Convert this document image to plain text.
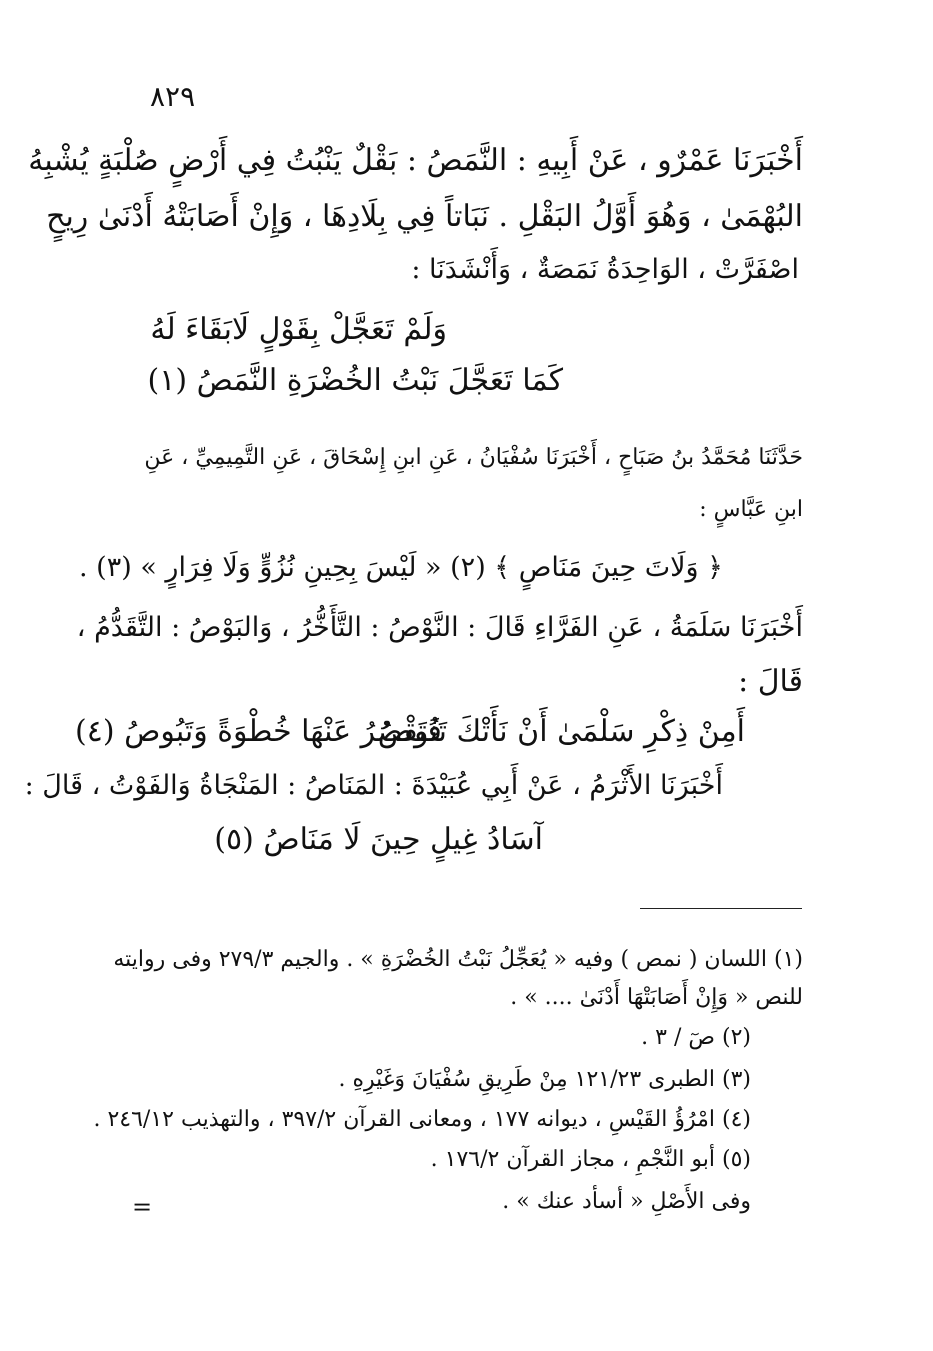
٨٢٩
أَخْبَرَنَا عَمْرٌو ، عَنْ أَبِيهِ : النَّمَصُ : بَقْلٌ يَنْبُتُ فِي أَرْضٍ صُلْبَةٍ يُشْبِهُ
البُهْمَىٰ ، وَهُوَ أَوَّلُ البَقْلِ . نَبَاتاً فِي بِلَادِهَا ، وَإِنْ أَصَابَتْهُ أَدْنَىٰ رِيحٍ
اصْفَرَّتْ ، الوَاحِدَةُ نَمَصَةٌ ، وَأَنْشَدَنَا :
وَلَمْ تَعَجَّلْ بِقَوْلٍ لَابَقَاءَ لَهُ
كَمَا تَعَجَّلَ نَبْتُ الخُضْرَةِ النَّمَصُ (١)
حَدَّثَنَا مُحَمَّدُ بنُ صَبَاحٍ ، أَخْبَرَنَا سُفْيَانُ ، عَنِ ابنِ إِسْحَاقَ ، عَنِ التَّمِيمِيِّ ، عَنِ
ابنِ عَبَّاسٍ :
﴿ وَلَاتَ حِينَ مَنَاصٍ ﴾ (٢) « لَيْسَ بِحِينِ نُزُوٍّ وَلَا فِرَارٍ » (٣) .
أَخْبَرَنَا سَلَمَةُ ، عَنِ الفَرَّاءِ قَالَ : النَّوْصُ : التَّأَخُّرُ ، وَالبَوْصُ : التَّقَدُّمُ ،
قَالَ :
أَمِنْ ذِكْرِ سَلْمَىٰ أَنْ نَأَتْكَ تَنُوصُ
فَتَقْصُرُ عَنْهَا خُطْوَةً وَتَبُوصُ (٤)
أَخْبَرَنَا الأَثْرَمُ ، عَنْ أَبِي عُبَيْدَةَ : المَنَاصُ : المَنْجَاةُ وَالفَوْتُ ، قَالَ :
آسَادُ غِيلٍ حِينَ لَا مَنَاصُ (٥)
(١) اللسان ( نمص ) وفيه « يُعَجِّلُ نَبْتُ الخُضْرَةِ » . والجيم ٢٧٩/٣ وفى روايته
للنص « وَإِنْ أَصَابَتْهَا أَدْنَىٰ .... » .
(٢) صٓ / ٣ .
(٣) الطبرى ١٢١/٢٣ مِنْ طَرِيقِ سُفْيَانَ وَغَيْرِهِ .
(٤) امْرُؤُ القَيْسِ ، ديوانه ١٧٧ ، ومعانى القرآن ٣٩٧/٢ ، والتهذيب ٢٤٦/١٢ .
(٥) أبو النَّجْمِ ، مجاز القرآن ١٧٦/٢ .
وفى الأَصْلِ « أسأد عنك » .
=
